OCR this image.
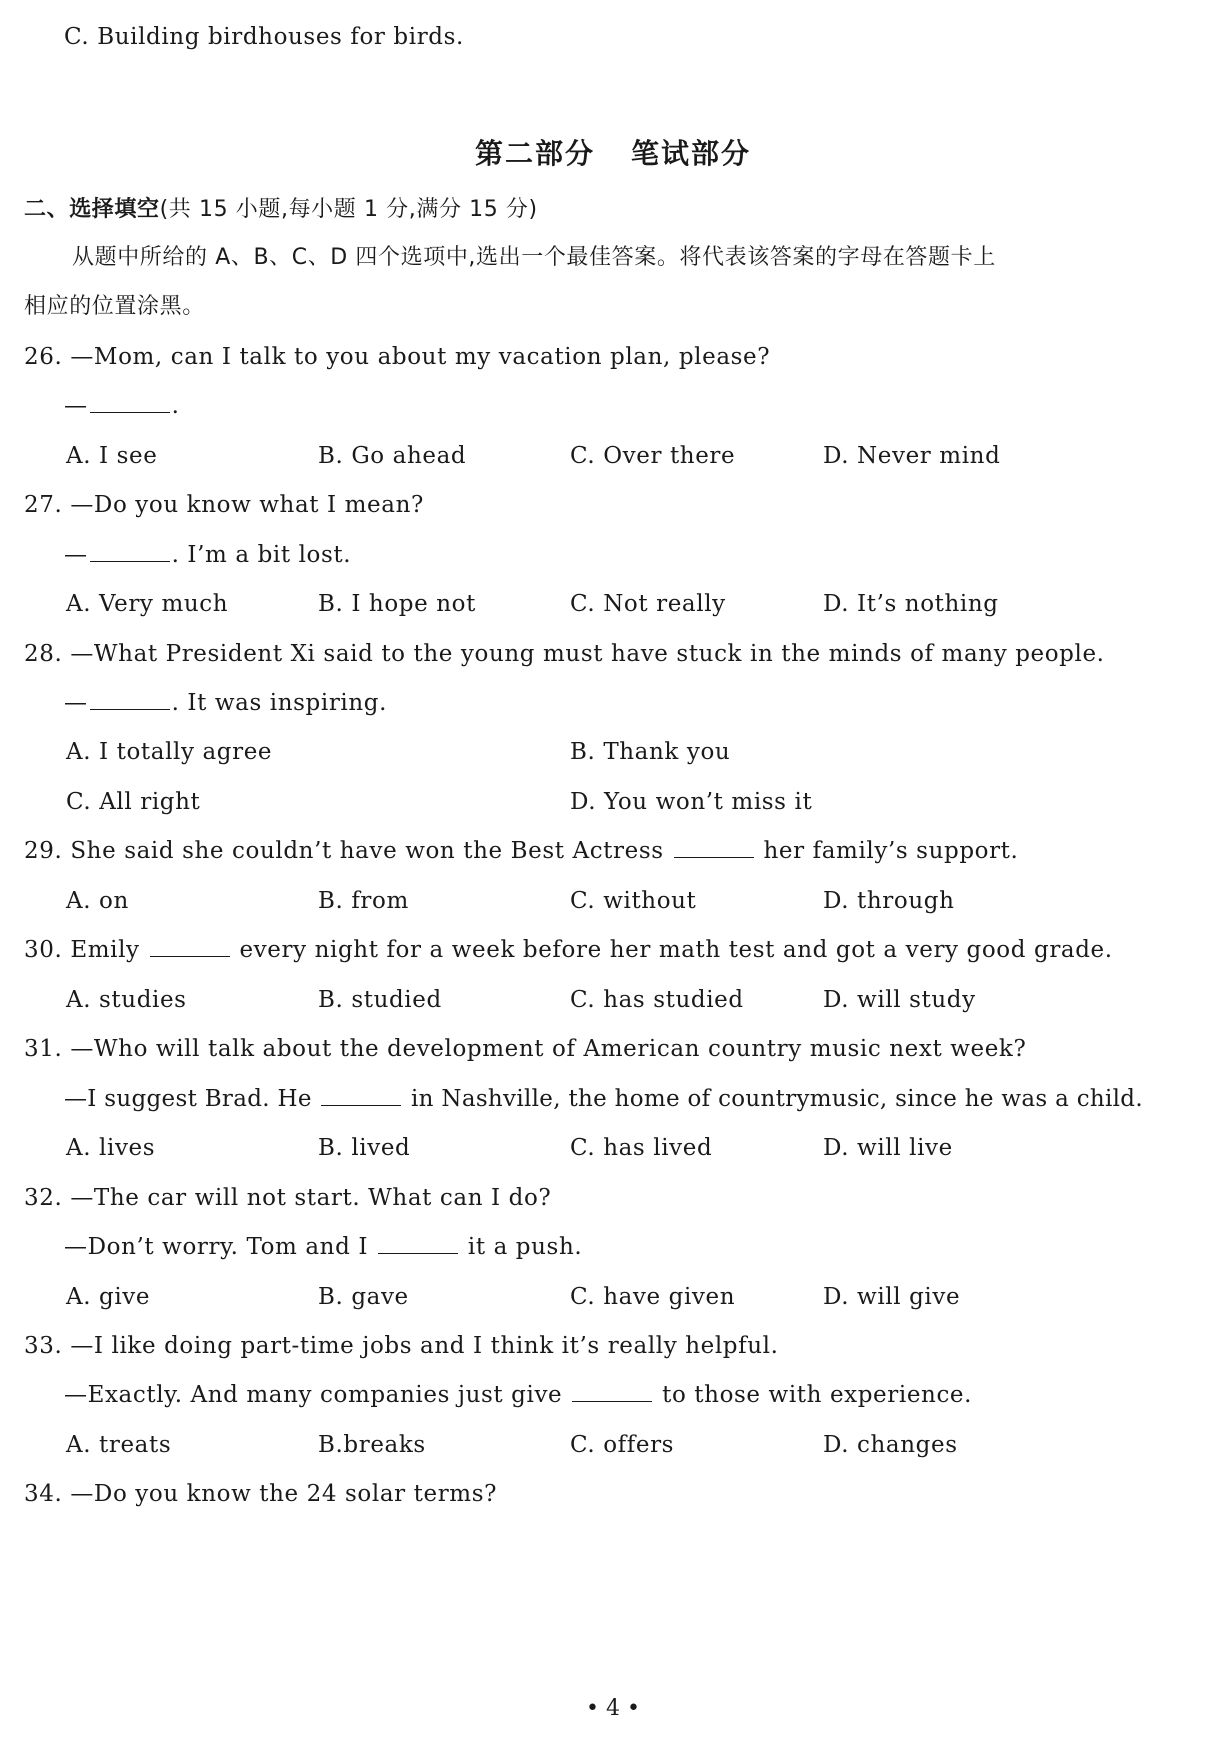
C. Building birdhouses for birds.
第二部分 笔试部分
二、选择填空(共 15 小题,每小题 1 分,满分 15 分)
从题中所给的 A、B、C、D 四个选项中,选出一个最佳答案。将代表该答案的字母在答题卡上
相应的位置涂黑。
26. —Mom, can I talk to you about my vacation plan, please?
—	.
A. I see	B. Go ahead	C. Over there	D. Never mind
27. —Do you know what I mean?
—	. I’m a bit lost.
A. Very much	B. I hope not	C. Not really	D. It’s nothing
28. —What President Xi said to the young must have stuck in the minds of many people.
—	. It was inspiring.
A. I totally agree	B. Thank you
C. All right	D. You won’t miss it
29. She said she couldn’t have won the Best Actress	her family’s support.
A. on	B. from	C. without	D. through
30. Emily	every night for a week before her math test and got a very good grade.
A. studies	B. studied	C. has studied	D. will study
31. —Who will talk about the development of American country music next week?
—I suggest Brad. He	in Nashville, the home of countrymusic, since he was a child.
A. lives	B. lived	C. has lived	D. will live
32. —The car will not start. What can I do?
—Don’t worry. Tom and I	it a push.
A. give	B. gave	C. have given	D. will give
33. —I like doing part-time jobs and I think it’s really helpful.
—Exactly. And many companies just give	to those with experience.
A. treats	B.breaks	C. offers	D. changes
34. —Do you know the 24 solar terms?
• 4 •
